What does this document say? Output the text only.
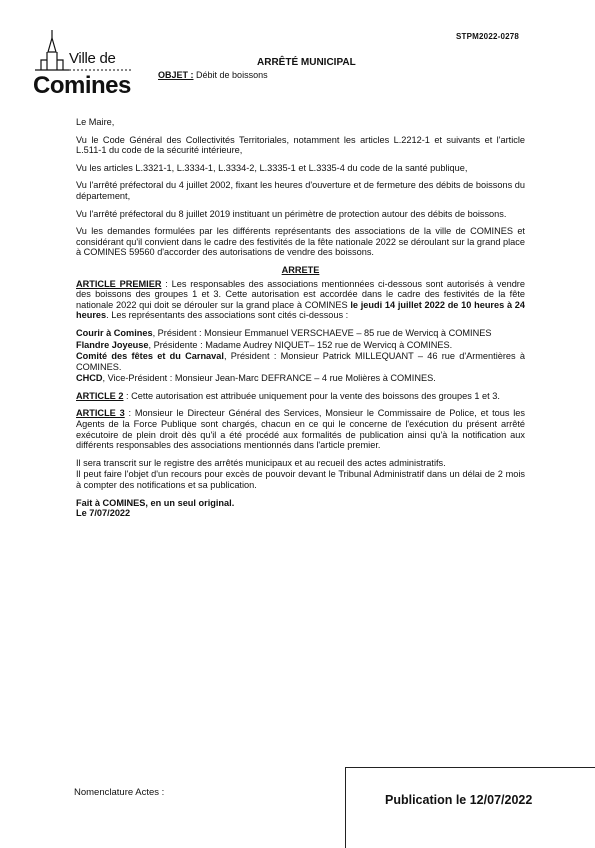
STPM2022-0278
Ville de
Comines
ARRÊTÉ MUNICIPAL
OBJET : Débit de boissons

Le Maire,

Vu le Code Général des Collectivités Territoriales, notamment les articles L.2212-1 et suivants et l'article L.511-1 du code de la sécurité intérieure,

Vu les articles L.3321-1, L.3334-1, L.3334-2, L.3335-1 et L.3335-4 du code de la santé publique,

Vu l'arrêté préfectoral du 4 juillet 2002, fixant les heures d'ouverture et de fermeture des débits de boissons du département,

Vu l'arrêté préfectoral du 8 juillet 2019 instituant un périmètre de protection autour des débits de boissons.

Vu les demandes formulées par les différents représentants des associations de la ville de COMINES et considérant qu'il convient dans le cadre des festivités de la fête nationale 2022 se déroulant sur la grand place à COMINES 59560 d'accorder des autorisations de vendre des boissons.

ARRETE

ARTICLE PREMIER : Les responsables des associations mentionnées ci-dessous sont autorisés à vendre des boissons des groupes 1 et 3. Cette autorisation est accordée dans le cadre des festivités de la fête nationale 2022 qui doit se dérouler sur la grand place à COMINES le jeudi 14 juillet 2022 de 10 heures à 24 heures. Les représentants des associations sont cités ci-dessous :

Courir à Comines, Président : Monsieur Emmanuel VERSCHAEVE – 85 rue de Wervicq à COMINES

Flandre Joyeuse, Présidente : Madame Audrey NIQUET– 152 rue de Wervicq à COMINES.

Comité des fêtes et du Carnaval, Président : Monsieur Patrick MILLEQUANT – 46 rue d'Armentières à COMINES.

CHCD, Vice-Président : Monsieur Jean-Marc DEFRANCE – 4 rue Molières à COMINES.

ARTICLE 2 : Cette autorisation est attribuée uniquement pour la vente des boissons des groupes 1 et 3.

ARTICLE 3 : Monsieur le Directeur Général des Services, Monsieur le Commissaire de Police, et tous les Agents de la Force Publique sont chargés, chacun en ce qui le concerne de l'exécution du présent arrêté exécutoire de plein droit dès qu'il a été procédé aux formalités de publication ainsi qu'à la notification aux différents responsables des associations mentionnés dans l'article premier.

Il sera transcrit sur le registre des arrêtés municipaux et au recueil des actes administratifs.

Il peut faire l'objet d'un recours pour excès de pouvoir devant le Tribunal Administratif dans un délai de 2 mois à compter des notifications et sa publication.

Fait à COMINES, en un seul original.

Le 7/07/2022

Nomenclature Actes :
Publication le 12/07/2022
